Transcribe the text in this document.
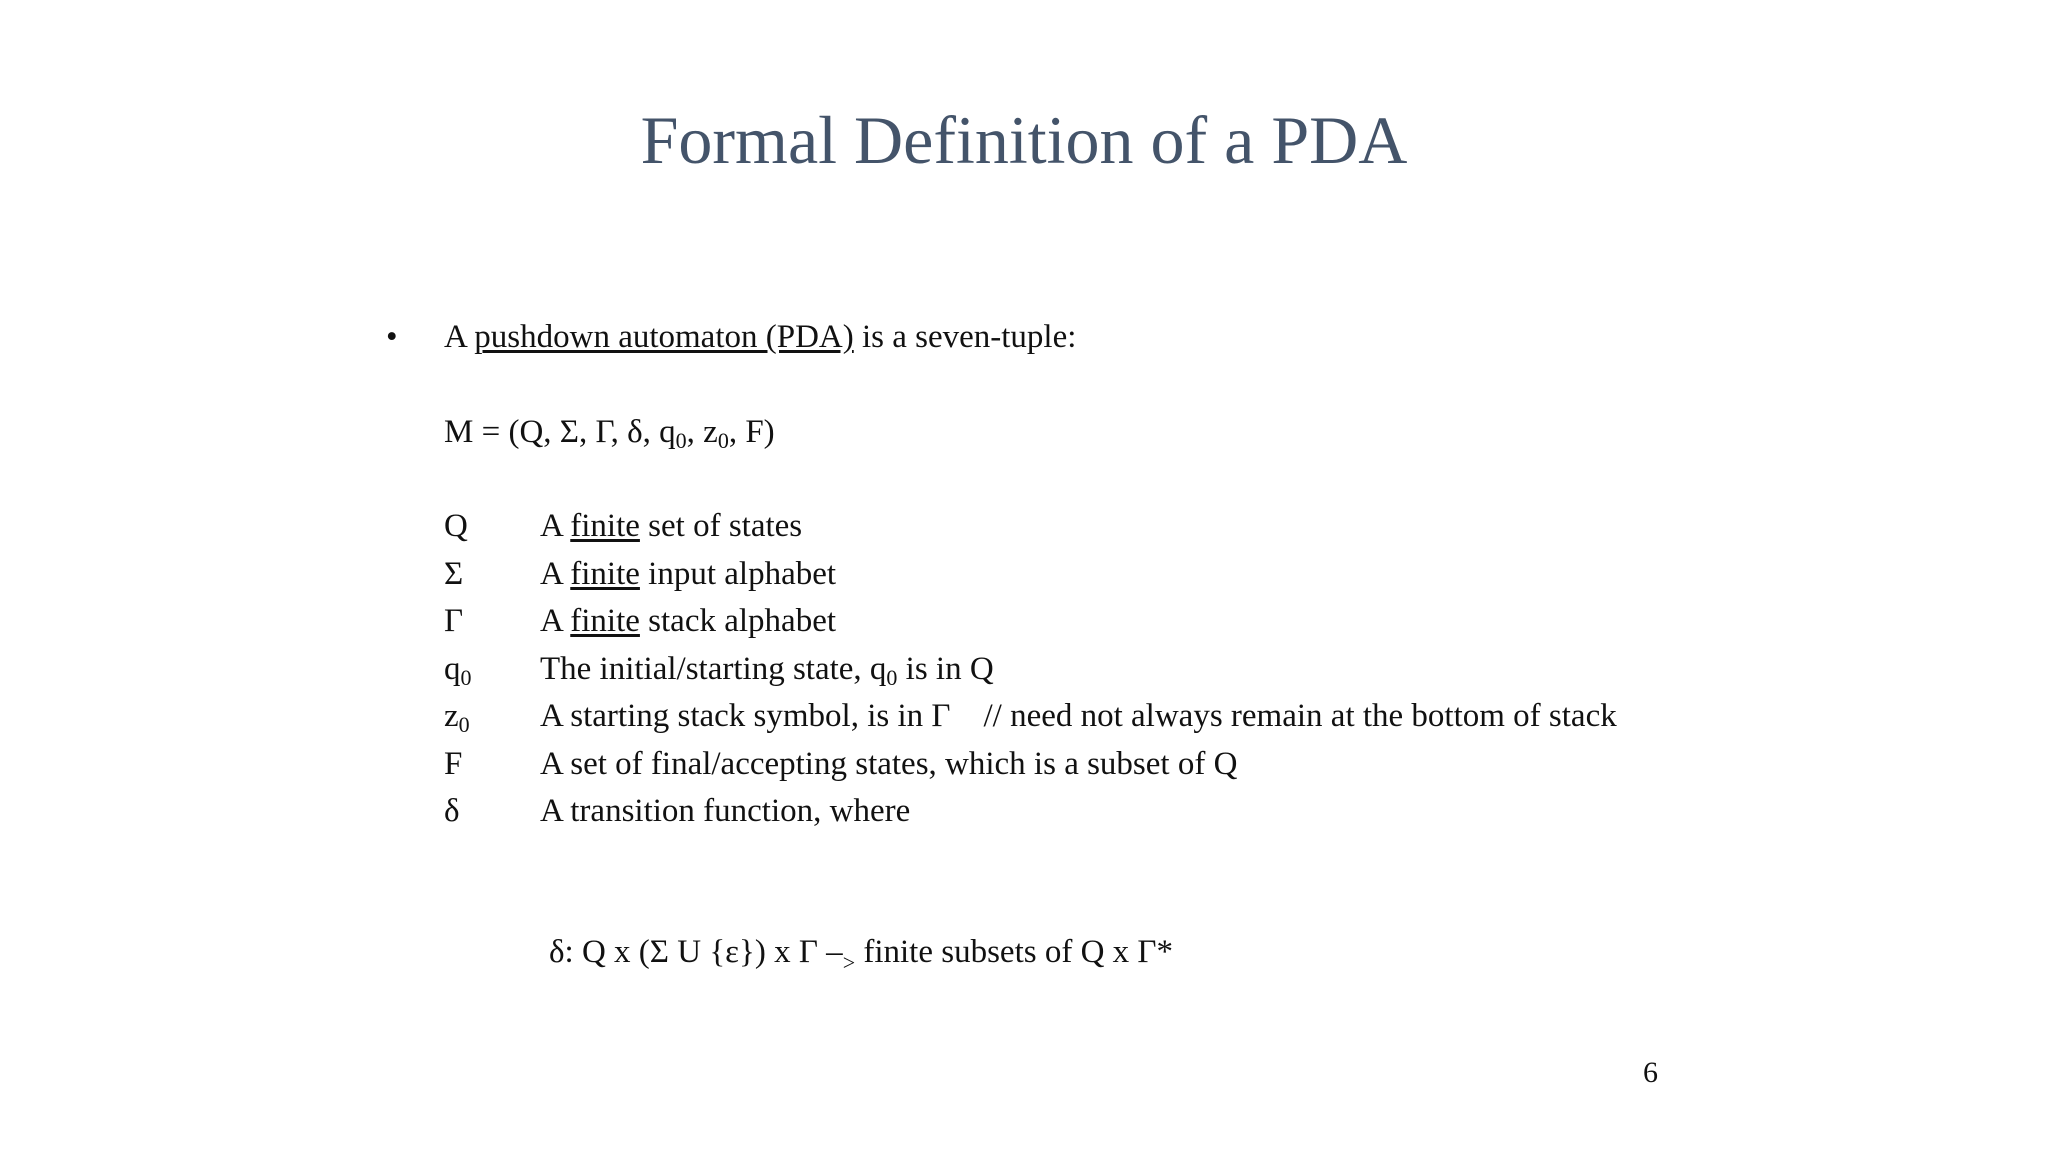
Formal Definition of a PDA
• A pushdown automaton (PDA) is a seven-tuple:
M = (Q, Σ, Γ, δ, $q_0$, $z_0$, F)
Q A finite set of states
Σ A finite input alphabet
Γ A finite stack alphabet
$q_0$ The initial/starting state, $q_0$ is in Q
$z_0$ A starting stack symbol, is in Γ    // need not always remain at the bottom of stack
F A set of final/accepting states, which is a subset of Q
δ A transition function, where
δ: Q x (Σ U {ε}) x Γ $-_>$ finite subsets of Q x Γ*
6
